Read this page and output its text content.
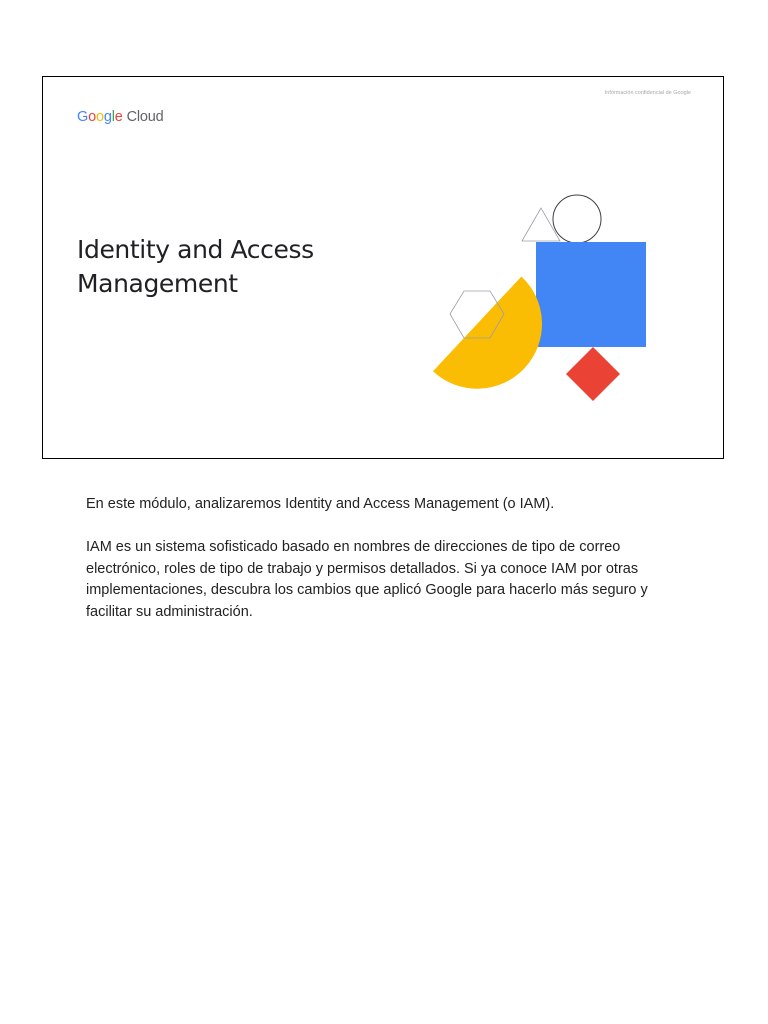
Información confidencial de Google
Google Cloud
Identity and Access
Management

En este módulo, analizaremos Identity and Access Management (o IAM).

IAM es un sistema sofisticado basado en nombres de direcciones de tipo de correo electrónico, roles de tipo de trabajo y permisos detallados. Si ya conoce IAM por otras implementaciones, descubra los cambios que aplicó Google para hacerlo más seguro y facilitar su administración.
